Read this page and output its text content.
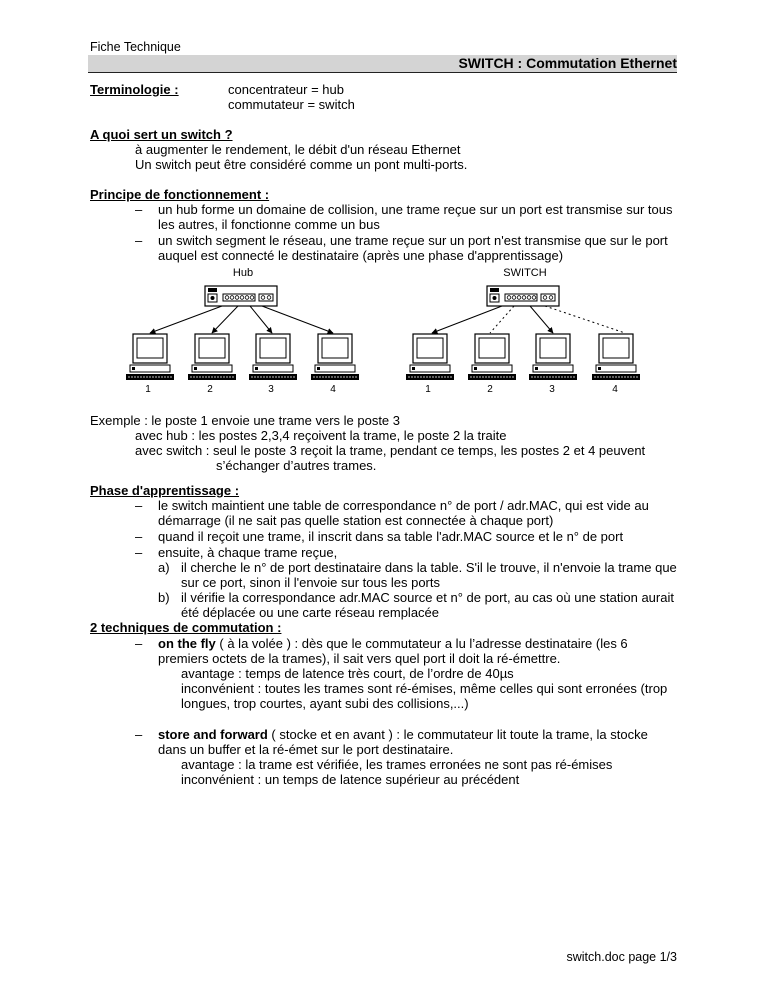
Fiche Technique
SWITCH : Commutation Ethernet
Terminologie :	concentrateur = hub
commutateur = switch
A quoi sert un switch ?
à augmenter le rendement, le débit d'un réseau Ethernet
Un switch peut être considéré comme un pont multi-ports.
Principe de fonctionnement :
– un hub forme un domaine de collision, une trame reçue sur un port est transmise sur tous
les autres, il fonctionne comme un bus
– un switch segment le réseau, une trame reçue sur un port n'est transmise que sur le port
auquel est connecté le destinataire (après une phase d'apprentissage)
Hub	SWITCH
1	2	3	4	1	2	3	4
Exemple : le poste 1 envoie une trame vers le poste 3
avec hub : les postes 2,3,4 reçoivent la trame, le poste 2 la traite
avec switch : seul le poste 3 reçoit la trame, pendant ce temps, les postes 2 et 4 peuvent
s’échanger d’autres trames.
Phase d'apprentissage :
– le switch maintient une table de correspondance n° de port / adr.MAC, qui est vide au
démarrage (il ne sait pas quelle station est connectée à chaque port)
– quand il reçoit une trame, il inscrit dans sa table l'adr.MAC source et le n° de port
– ensuite, à chaque trame reçue,
a) il cherche le n° de port destinataire dans la table. S'il le trouve, il n'envoie la trame que
sur ce port, sinon il l'envoie sur tous les ports
b) il vérifie la correspondance adr.MAC source et n° de port, au cas où une station aurait
été déplacée ou une carte réseau remplacée
2 techniques de commutation :
– on the fly ( à la volée ) : dès que le commutateur a lu l’adresse destinataire (les 6
premiers octets de la trames), il sait vers quel port il doit la ré-émettre.
avantage : temps de latence très court, de l’ordre de 40µs
inconvénient : toutes les trames sont ré-émises, même celles qui sont erronées (trop
longues, trop courtes, ayant subi des collisions,...)
– store and forward ( stocke et en avant ) : le commutateur lit toute la trame, la stocke
dans un buffer et la ré-émet sur le port destinataire.
avantage : la trame est vérifiée, les trames erronées ne sont pas ré-émises
inconvénient : un temps de latence supérieur au précédent
switch.doc page 1/3
